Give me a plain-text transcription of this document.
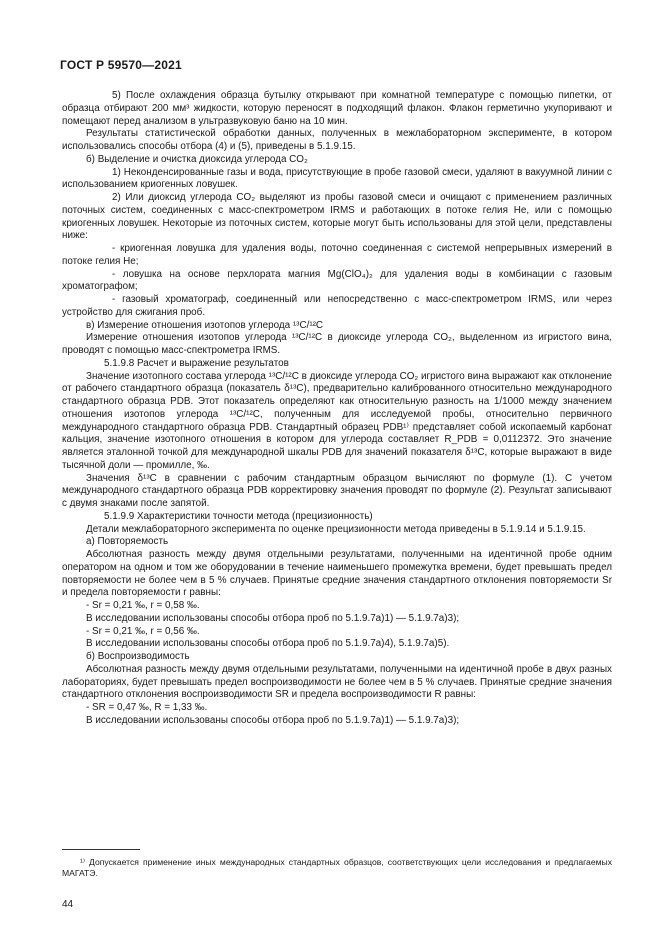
ГОСТ Р 59570—2021

5) После охлаждения образца бутылку открывают при комнатной температуре с помощью пипетки, от образца отбирают 200 мм³ жидкости, которую переносят в подходящий флакон. Флакон герметично укупоривают и помещают перед анализом в ультразвуковую баню на 10 мин.

Результаты статистической обработки данных, полученных в межлабораторном эксперименте, в котором использовались способы отбора (4) и (5), приведены в 5.1.9.15.

б) Выделение и очистка диоксида углерода CO₂

1) Неконденсированные газы и вода, присутствующие в пробе газовой смеси, удаляют в вакуумной линии с использованием криогенных ловушек.

2) Или диоксид углерода CO₂ выделяют из пробы газовой смеси и очищают с применением различных поточных систем, соединенных с масс-спектрометром IRMS и работающих в потоке гелия He, или с помощью криогенных ловушек. Некоторые из поточных систем, которые могут быть использованы для этой цели, представлены ниже:

- криогенная ловушка для удаления воды, поточно соединенная с системой непрерывных измерений в потоке гелия He;

- ловушка на основе перхлората магния Mg(ClO₄)₂ для удаления воды в комбинации с газовым хроматографом;

- газовый хроматограф, соединенный или непосредственно с масс-спектрометром IRMS, или через устройство для сжигания проб.

в) Измерение отношения изотопов углерода ¹³C/¹²C

Измерение отношения изотопов углерода ¹³C/¹²C в диоксиде углерода CO₂, выделенном из игристого вина, проводят с помощью масс-спектрометра IRMS.

5.1.9.8 Расчет и выражение результатов

Значение изотопного состава углерода ¹³C/¹²C в диоксиде углерода CO₂ игристого вина выражают как отклонение от рабочего стандартного образца (показатель δ¹³C), предварительно калиброванного относительно международного стандартного образца PDB. Этот показатель определяют как относительную разность на 1/1000 между значением отношения изотопов углерода ¹³C/¹²C, полученным для исследуемой пробы, относительно первичного международного стандартного образца PDB. Стандартный образец PDB¹⁾ представляет собой ископаемый карбонат кальция, значение изотопного отношения в котором для углерода составляет R_PDB = 0,0112372. Это значение является эталонной точкой для международной шкалы PDB для значений показателя δ¹³C, которые выражают в виде тысячной доли — промилле, ‰.

Значения δ¹³C в сравнении с рабочим стандартным образцом вычисляют по формуле (1). С учетом международного стандартного образца PDB корректировку значения проводят по формуле (2). Результат записывают с двумя знаками после запятой.

5.1.9.9 Характеристики точности метода (прецизионность)

Детали межлабораторного эксперимента по оценке прецизионности метода приведены в 5.1.9.14 и 5.1.9.15.

а) Повторяемость

Абсолютная разность между двумя отдельными результатами, полученными на идентичной пробе одним оператором на одном и том же оборудовании в течение наименьшего промежутка времени, будет превышать предел повторяемости не более чем в 5 % случаев. Принятые средние значения стандартного отклонения повторяемости Sr и предела повторяемости r равны:

- Sr = 0,21 ‰, r = 0,58 ‰.

В исследовании использованы способы отбора проб по 5.1.9.7а)1) — 5.1.9.7а)3);

- Sr = 0,21 ‰, r = 0,56 ‰.

В исследовании использованы способы отбора проб по 5.1.9.7а)4), 5.1.9.7а)5).

б) Воспроизводимость

Абсолютная разность между двумя отдельными результатами, полученными на идентичной пробе в двух разных лабораториях, будет превышать предел воспроизводимости не более чем в 5 % случаев. Принятые средние значения стандартного отклонения воспроизводимости SR и предела воспроизводимости R равны:

- SR = 0,47 ‰, R = 1,33 ‰.

В исследовании использованы способы отбора проб по 5.1.9.7а)1) — 5.1.9.7а)3);

¹⁾ Допускается применение иных международных стандартных образцов, соответствующих цели исследования и предлагаемых МАГАТЭ.
44
